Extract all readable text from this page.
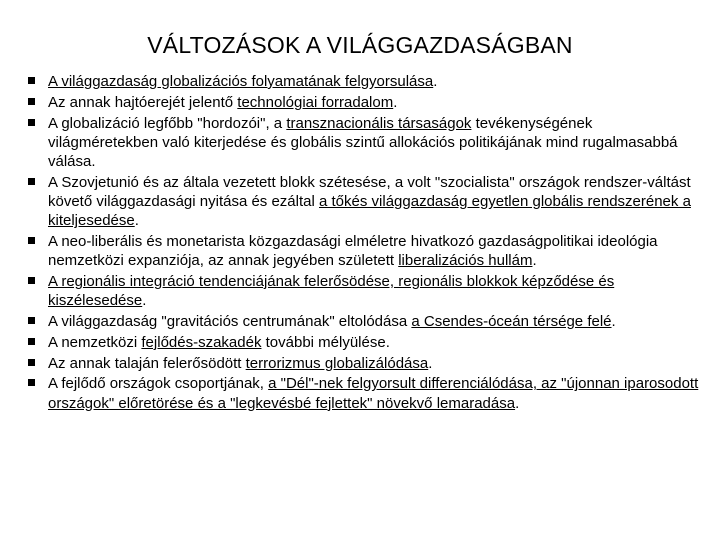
VÁLTOZÁSOK A VILÁGGAZDASÁGBAN
A világgazdaság globalizációs folyamatának felgyorsulása.
Az annak hajtóerejét jelentő technológiai forradalom.
A globalizáció legfőbb "hordozói", a transznacionális társaságok tevékenységének világméretekben való kiterjedése és globális szintű allokációs politikájának mind rugalmasabbá válása.
A Szovjetunió és az általa vezetett blokk szétesése, a volt "szocialista" országok rendszer-váltást követő világgazdasági nyitása és ezáltal a tőkés világgazdaság egyetlen globális rendszerének a kiteljesedése.
A neo-liberális és monetarista közgazdasági elméletre hivatkozó gazdaságpolitikai ideológia nemzetközi expanziója, az annak jegyében született liberalizációs hullám.
A regionális integráció tendenciájának felerősödése, regionális blokkok képződése és kiszélesedése.
A világgazdaság "gravitációs centrumának" eltolódása a Csendes-óceán térsége felé.
A nemzetközi fejlődés-szakadék további mélyülése.
Az annak talaján felerősödött terrorizmus globalizálódása.
A fejlődő országok csoportjának, a "Dél"-nek felgyorsult differenciálódása, az "újonnan iparosodott országok" előretörése és a "legkevésbé fejlettek" növekvő lemaradása.
